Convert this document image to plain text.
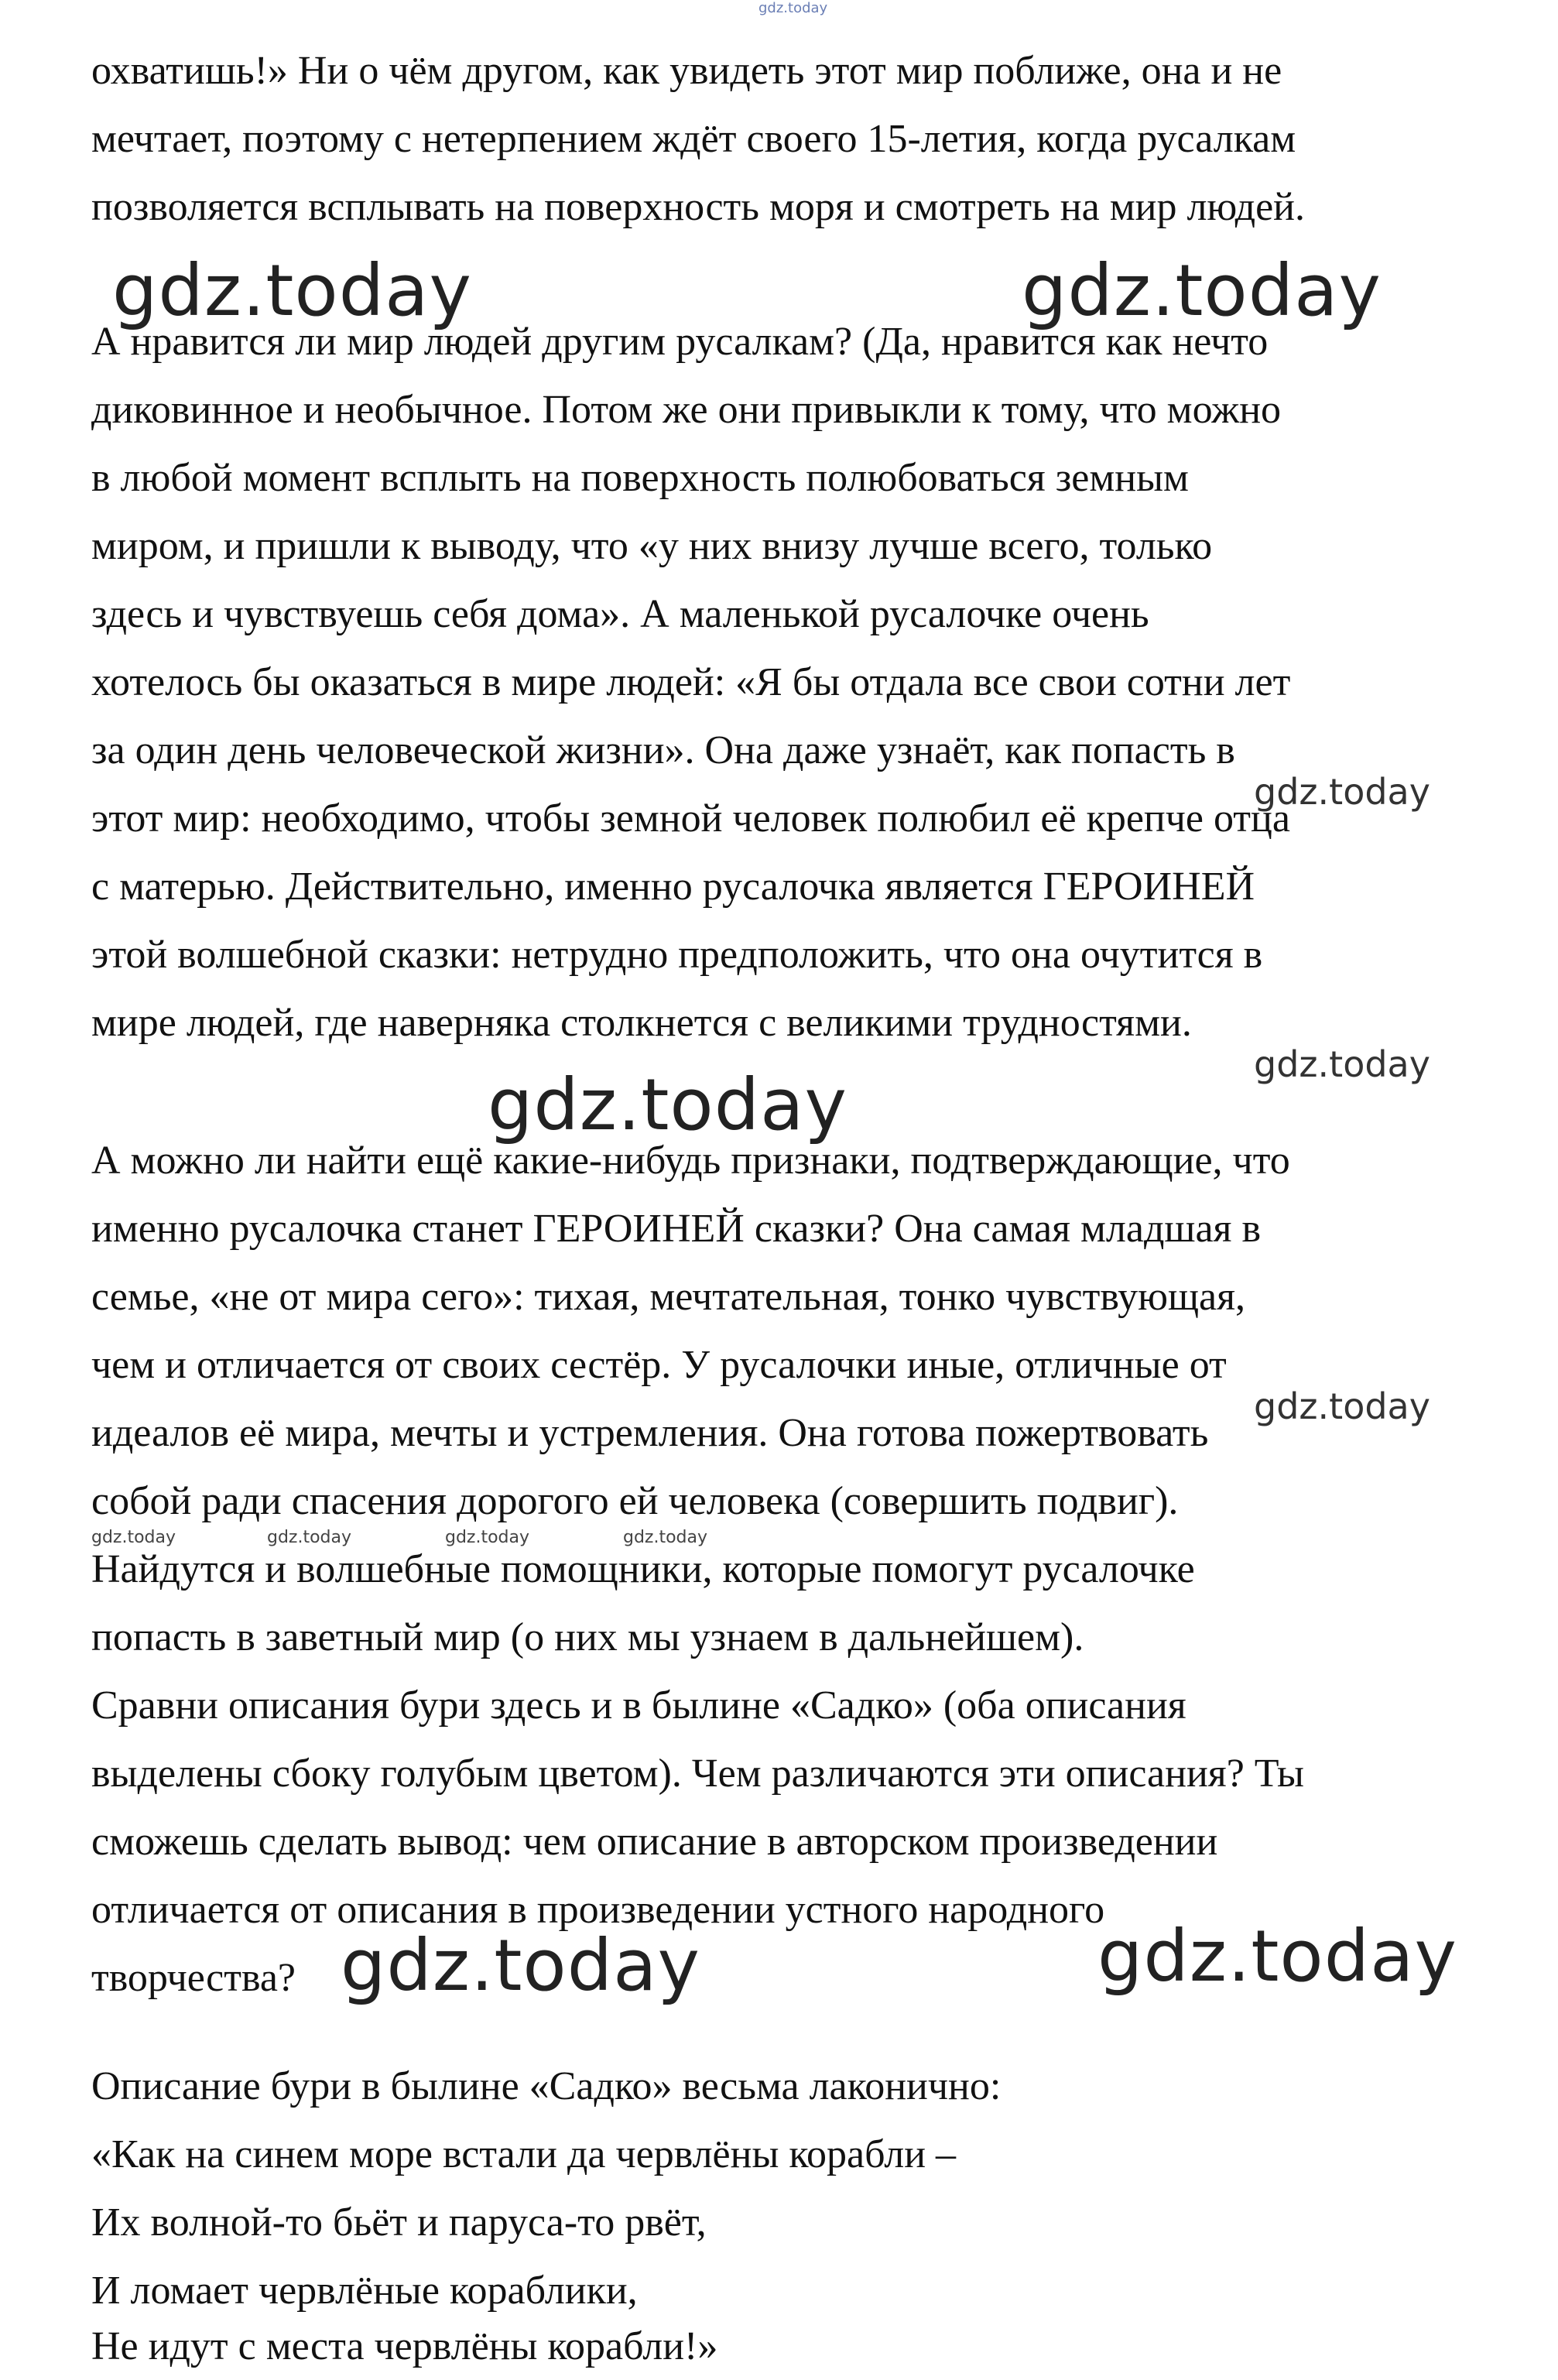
gdz.today
охватишь!» Ни о чём другом, как увидеть этот мир поближе, она и не
мечтает, поэтому с нетерпением ждёт своего 15-летия, когда русалкам
позволяется всплывать на поверхность моря и смотреть на мир людей.
gdz.today	gdz.today
А нравится ли мир людей другим русалкам? (Да, нравится как нечто
диковинное и необычное. Потом же они привыкли к тому, что можно
в любой момент всплыть на поверхность полюбоваться земным
миром, и пришли к выводу, что «у них внизу лучше всего, только
здесь и чувствуешь себя дома». А маленькой русалочке очень
хотелось бы оказаться в мире людей: «Я бы отдала все свои сотни лет
за один день человеческой жизни». Она даже узнаёт, как попасть в
gdz.today
этот мир: необходимо, чтобы земной человек полюбил её крепче отца
с матерью. Действительно, именно русалочка является ГЕРОИНЕЙ
этой волшебной сказки: нетрудно предположить, что она очутится в
мире людей, где наверняка столкнется с великими трудностями.
gdz.today
gdz.today
А можно ли найти ещё какие-нибудь признаки, подтверждающие, что
именно русалочка станет ГЕРОИНЕЙ сказки? Она самая младшая в
семье, «не от мира сего»: тихая, мечтательная, тонко чувствующая,
чем и отличается от своих сестёр. У русалочки иные, отличные от
gdz.today
идеалов её мира, мечты и устремления. Она готова пожертвовать
собой ради спасения дорогого ей человека (совершить подвиг).
gdz.today	gdz.today	gdz.today	gdz.today
Найдутся и волшебные помощники, которые помогут русалочке
попасть в заветный мир (о них мы узнаем в дальнейшем).
Сравни описания бури здесь и в былине «Садко» (оба описания
выделены сбоку голубым цветом). Чем различаются эти описания? Ты
сможешь сделать вывод: чем описание в авторском произведении
отличается от описания в произведении устного народного
творчества? gdz.today	gdz.today
Описание бури в былине «Садко» весьма лаконично:
«Как на синем море встали да червлёны корабли –
Их волной-то бьёт и паруса-то рвёт,
И ломает червлёные кораблики,
Не идут с места червлёны корабли!»
